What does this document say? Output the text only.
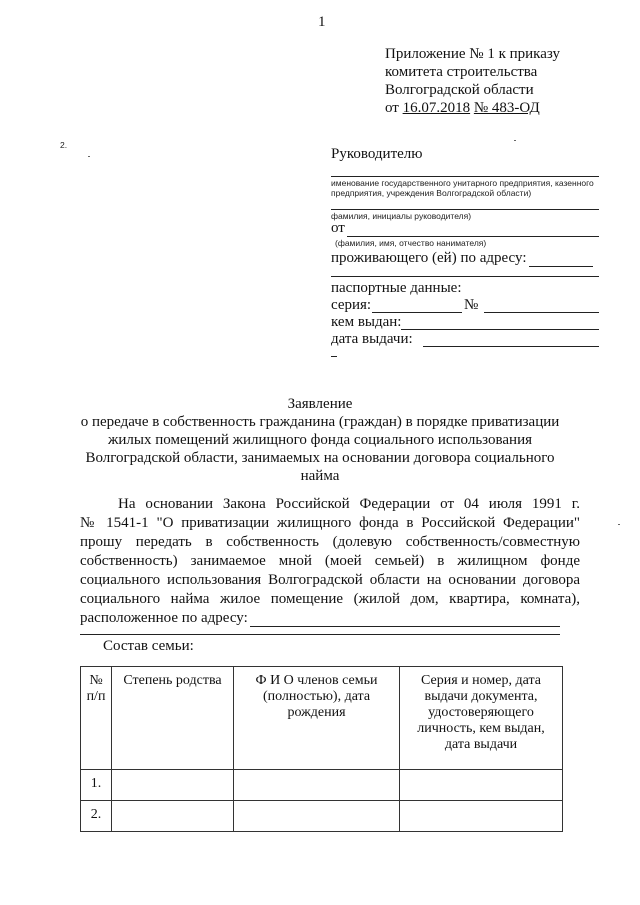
1
Приложение № 1 к приказу
комитета строительства
Волгоградской области
от 16.07.2018 № 483-ОД
2.
Руководителю
именование государственного унитарного предприятия, казенного
предприятия, учреждения Волгоградской области)
фамилия, инициалы руководителя)
от
(фамилия, имя, отчество нанимателя)
проживающего (ей) по адресу:
паспортные данные:
серия:	№
кем выдан:
дата выдачи:
Заявление
о передаче в собственность гражданина (граждан) в порядке приватизации
жилых помещений жилищного фонда социального использования
Волгоградской области, занимаемых на основании договора социального
найма
На основании Закона Российской Федерации от 04 июля 1991 г.
№ 1541-1 "О приватизации жилищного фонда в Российской Федерации"
прошу передать в собственность (долевую собственность/совместную
собственность) занимаемое мной (моей семьей) в жилищном фонде
социального использования Волгоградской области на основании договора
социального найма жилое помещение (жилой дом, квартира, комната),
расположенное по адресу:
Состав семьи:
№ п/п	Степень родства	Ф И О членов семьи (полностью), дата рождения	Серия и номер, дата выдачи документа, удостоверяющего личность, кем выдан, дата выдачи
1.			
2.			
